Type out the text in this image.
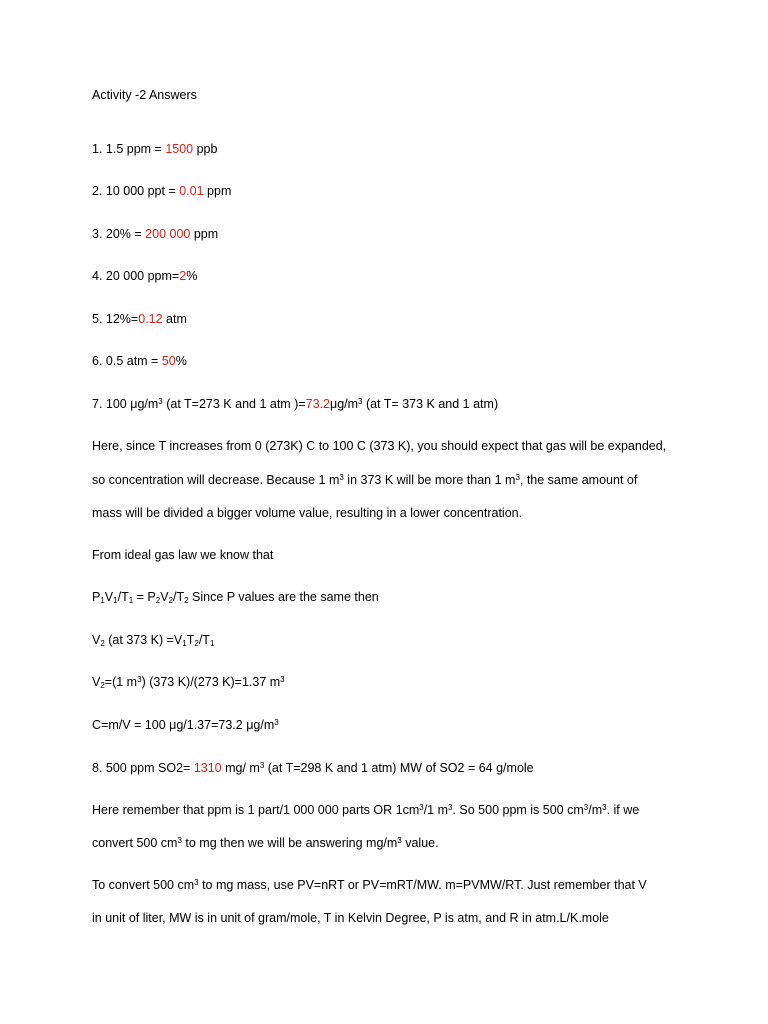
Activity -2 Answers
1. 1.5 ppm = 1500 ppb
2. 10 000 ppt = 0.01 ppm
3. 20% = 200 000 ppm
4. 20 000 ppm=2%
5. 12%=0.12 atm
6. 0.5 atm = 50%
7. 100 $\mu g/m^3$ (at T=273 K and 1 atm )$=73.2\mu g/m^3$ (at T= 373 K and 1 atm)
Here, since T increases from 0 (273K) C to 100 C (373 K), you should expect that gas will be expanded,
so concentration will decrease. Because 1 $m^3$ in 373 K will be more than 1 $m^3$, the same amount of
mass will be divided a bigger volume value, resulting in a lower concentration.
From ideal gas law we know that
$P_1V_1/T_1 = P_2V_2/T_2$ Since P values are the same then
$V_2$ (at 373 $K) =V_1T_2/T_1$
$V_2=(1$ $m^3$) (373 K)/(273 K)=1.37 $m^3$
C=m/V = 100 μg/1.37=73.2 $\mu g/m^3$
8. 500 ppm SO2= 1310 mg/ $m^3$ (at T=298 K and 1 atm) MW of SO2 = 64 g/mole
Here remember that ppm is 1 part/1 000 000 parts OR $1cm^3/1$ $m^3$. So 500 ppm is 500 $cm^3/m^3$. if we
convert 500 $cm^3$ to mg then we will be answering $mg/m^3$ value.
To convert 500 $cm^3$ to mg mass, use PV=nRT or PV=mRT/MW. m=PVMW/RT. Just remember that V
in unit of liter, MW is in unit of gram/mole, T in Kelvin Degree, P is atm, and R in atm.L/K.mole
